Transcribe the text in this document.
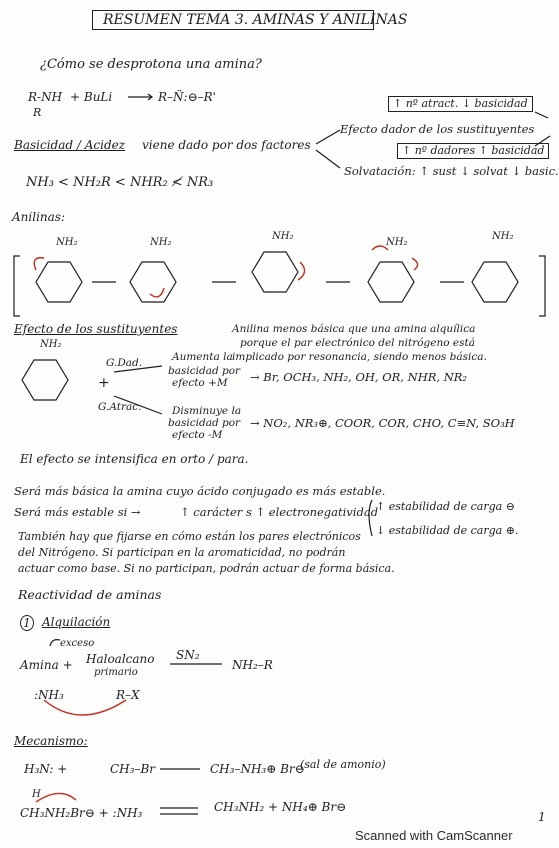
RESUMEN TEMA 3. AMINAS Y ANILINAS
¿Cómo se desprotona una amina?
R-NH
R
+ BuLi	R–N̈:⊖–R'	↑ nº atract. ↓ basicidad
Efecto dador de los sustituyentes
↑ nº dadores ↑ basicidad
Basicidad / Acidez viene dado por dos factores
Solvatación: ↑ sust ↓ solvat ↓ basic.
NH₃ < NH₂R < NHR₂ ≮ NR₃
Anilinas:
NH₂	NH₂
NH₂
NH₂
NH₂
Efecto de los sustituyentes	Anilina menos básica que una amina alquílica
porque el par electrónico del nitrógeno está
implicado por resonancia, siendo menos básica.
NH₂
+
G.Dad.	Aumenta la
basicidad por
efecto +M → Br, OCH₃, NH₂, OH, OR, NHR, NR₂
G.Atrac.	Disminuye la
basicidad por
efecto -M
→ NO₂, NR₃⊕, COOR, COR, CHO, C≡N, SO₃H
El efecto se intensifica en orto / para.
Será más básica la amina cuyo ácido conjugado es más estable.
Será más estable si →	↑ carácter s ↑ electronegatividad
↑ estabilidad de carga ⊖
↓ estabilidad de carga ⊕.
También hay que fijarse en cómo están los pares electrónicos
del Nitrógeno. Si participan en la aromaticidad, no podrán
actuar como base. Si no participan, podrán actuar de forma básica.
Reactividad de aminas
1 Alquilación
exceso
Amina + Haloalcano
primario
SN₂
NH₂–R
:NH₃	R–X
Mecanismo:
H₃N: +	CH₃–Br	CH₃–NH₃⊕ Br⊖
(sal de amonio)
H
CH₃NH₂Br⊖ + :NH₃	CH₃NH₂ + NH₄⊕ Br⊖
1
Scanned with CamScanner
